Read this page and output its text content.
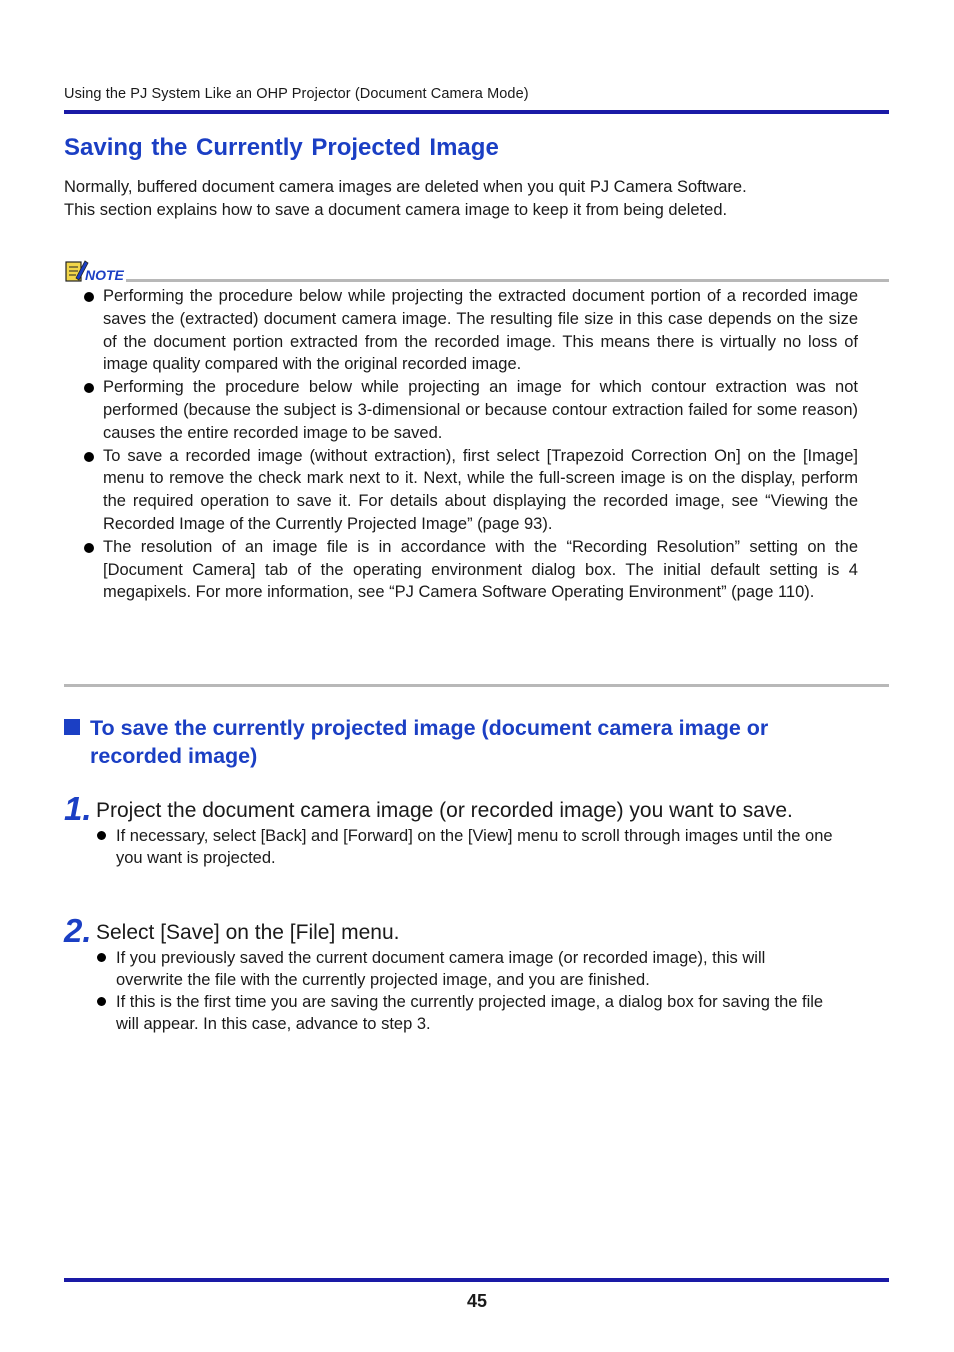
Using the PJ System Like an OHP Projector (Document Camera Mode)
Saving the Currently Projected Image

Normally, buffered document camera images are deleted when you quit PJ Camera Software.

This section explains how to save a document camera image to keep it from being deleted.

NOTE
Performing the procedure below while projecting the extracted document portion of a recorded image saves the (extracted) document camera image. The resulting file size in this case depends on the size of the document portion extracted from the recorded image. This means there is virtually no loss of image quality compared with the original recorded image.
Performing the procedure below while projecting an image for which contour extraction was not performed (because the subject is 3-dimensional or because contour extraction failed for some reason) causes the entire recorded image to be saved.
To save a recorded image (without extraction), first select [Trapezoid Correction On] on the [Image] menu to remove the check mark next to it. Next, while the full-screen image is on the display, perform the required operation to save it. For details about displaying the recorded image, see “Viewing the Recorded Image of the Currently Projected Image” (page 93).
The resolution of an image file is in accordance with the “Recording Resolution” setting on the [Document Camera] tab of the operating environment dialog box. The initial default setting is 4 megapixels. For more information, see “PJ Camera Software Operating Environment” (page 110).
To save the currently projected image (document camera image or recorded image)
1. Project the document camera image (or recorded image) you want to save.
If necessary, select [Back] and [Forward] on the [View] menu to scroll through images until the one you want is projected.
2. Select [Save] on the [File] menu.
If you previously saved the current document camera image (or recorded image), this will overwrite the file with the currently projected image, and you are finished.
If this is the first time you are saving the currently projected image, a dialog box for saving the file will appear. In this case, advance to step 3.
45
